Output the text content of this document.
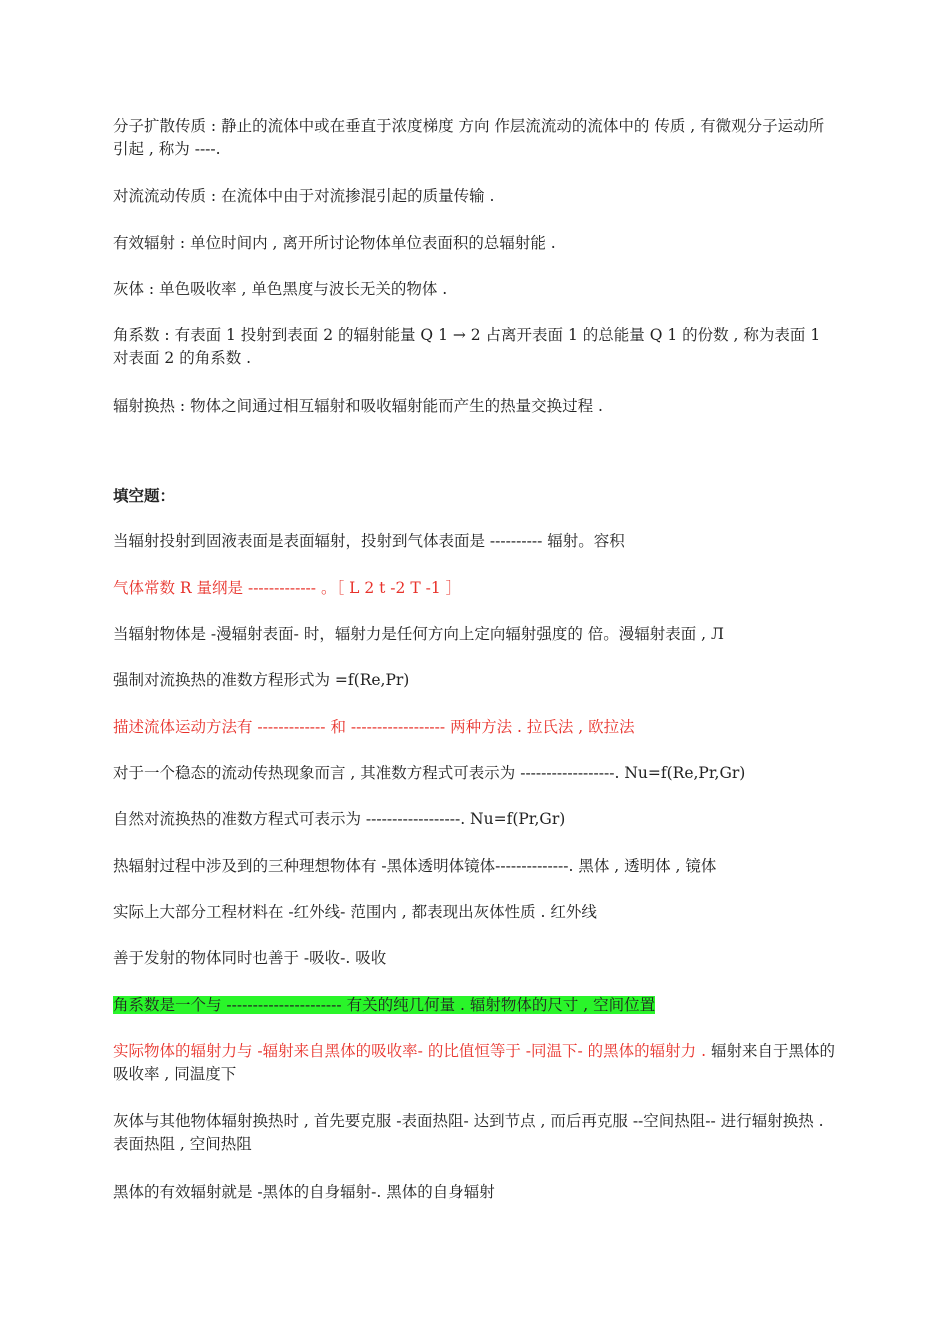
分子扩散传质 : 静止的流体中或在垂直于浓度梯度 方向 作层流流动的流体中的 传质 , 有微观分子运动所引起 , 称为 ----.

对流流动传质 : 在流体中由于对流掺混引起的质量传输 .

有效辐射 : 单位时间内 , 离开所讨论物体单位表面积的总辐射能 .

灰体 : 单色吸收率 , 单色黑度与波长无关的物体 .

角系数 : 有表面 1 投射到表面 2 的辐射能量 Q 1 → 2 占离开表面 1 的总能量 Q 1 的份数 , 称为表面 1 对表面 2 的角系数 .

辐射换热 : 物体之间通过相互辐射和吸收辐射能而产生的热量交换过程 .

填空题：

当辐射投射到固液表面是表面辐射，投射到气体表面是 ---------- 辐射。容积

气体常数 R 量纲是 ------------- 。［ L 2 t -2 T -1 ］

当辐射物体是 -漫辐射表面- 时，辐射力是任何方向上定向辐射强度的 倍。漫辐射表面 , Л

强制对流换热的准数方程形式为 =f(Re,Pr)

描述流体运动方法有 ------------- 和 ------------------ 两种方法 . 拉氏法 , 欧拉法

对于一个稳态的流动传热现象而言 , 其准数方程式可表示为 ------------------. Nu=f(Re,Pr,Gr)

自然对流换热的准数方程式可表示为 ------------------. Nu=f(Pr,Gr)

热辐射过程中涉及到的三种理想物体有 -黑体透明体镜体--------------. 黑体 , 透明体 , 镜体

实际上大部分工程材料在 -红外线- 范围内 , 都表现出灰体性质 . 红外线

善于发射的物体同时也善于 -吸收-. 吸收

角系数是一个与 ---------------------- 有关的纯几何量 . 辐射物体的尺寸 , 空间位置

实际物体的辐射力与 -辐射来自黑体的吸收率- 的比值恒等于 -同温下- 的黑体的辐射力 . 辐射来自于黑体的吸收率 , 同温度下

灰体与其他物体辐射换热时 , 首先要克服 -表面热阻- 达到节点 , 而后再克服 --空间热阻-- 进行辐射换热 . 表面热阻 , 空间热阻

黑体的有效辐射就是 -黑体的自身辐射-. 黑体的自身辐射
